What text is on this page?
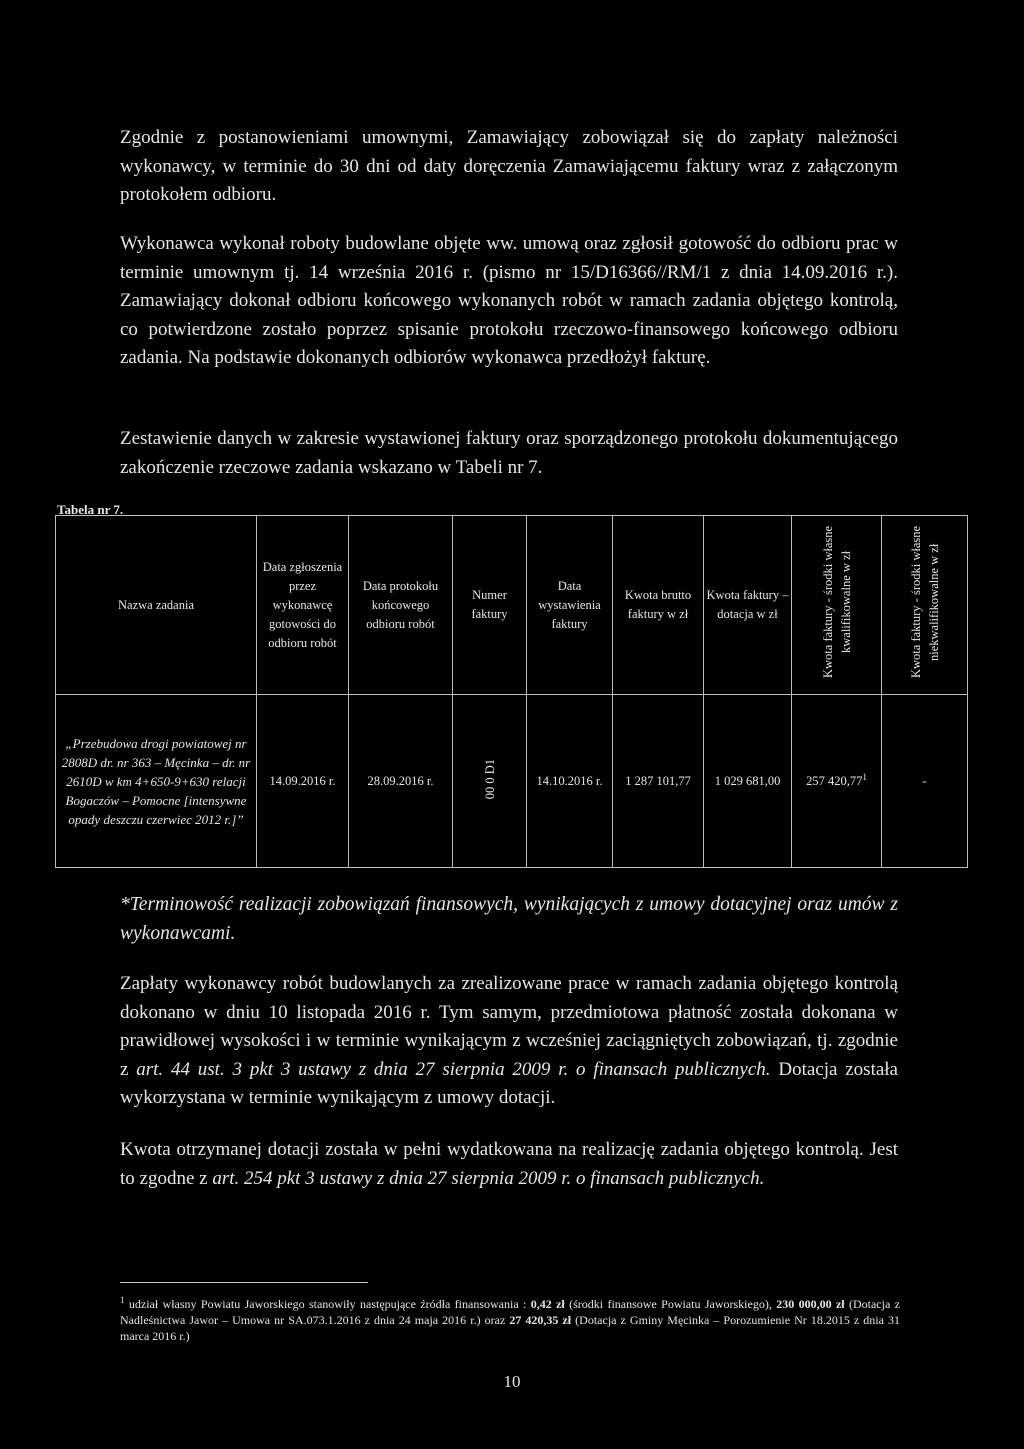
Zgodnie z postanowieniami umownymi, Zamawiający zobowiązał się do zapłaty należności wykonawcy, w terminie do 30 dni od daty doręczenia Zamawiającemu faktury wraz z załączonym protokołem odbioru.

Wykonawca wykonał roboty budowlane objęte ww. umową oraz zgłosił gotowość do odbioru prac w terminie umownym tj. 14 września 2016 r. (pismo nr 15/D16366//RM/1 z dnia 14.09.2016 r.). Zamawiający dokonał odbioru końcowego wykonanych robót w ramach zadania objętego kontrolą, co potwierdzone zostało poprzez spisanie protokołu rzeczowo-finansowego końcowego odbioru zadania. Na podstawie dokonanych odbiorów wykonawca przedłożył fakturę.

Zestawienie danych w zakresie wystawionej faktury oraz sporządzonego protokołu dokumentującego zakończenie rzeczowe zadania wskazano w Tabeli nr 7.

Tabela nr 7.
Nazwa zadania	Data zgłoszenia przez wykonawcę gotowości do odbioru robót	Data protokołu końcowego odbioru robót	Numer faktury	Data wystawienia faktury	Kwota brutto faktury w zł	Kwota faktury – dotacja w zł	Kwota faktury - środki własne kwalifikowalne w zł	Kwota faktury - środki własne niekwalifikowalne w zł
„Przebudowa drogi powiatowej nr 2808D dr. nr 363 – Męcinka – dr. nr 2610D w km 4+650-9+630 relacji Bogaczów – Pomocne [intensywne opady deszczu czerwiec 2012 r.]”	14.09.2016 r.	28.09.2016 r.	00 0 D1	14.10.2016 r.	1 287 101,77	1 029 681,00	257 420,77$^1$	-

*Terminowość realizacji zobowiązań finansowych, wynikających z umowy dotacyjnej oraz umów z wykonawcami.

Zapłaty wykonawcy robót budowlanych za zrealizowane prace w ramach zadania objętego kontrolą dokonano w dniu 10 listopada 2016 r. Tym samym, przedmiotowa płatność została dokonana w prawidłowej wysokości i w terminie wynikającym z wcześniej zaciągniętych zobowiązań, tj. zgodnie z art. 44 ust. 3 pkt 3 ustawy z dnia 27 sierpnia 2009 r. o finansach publicznych. Dotacja została wykorzystana w terminie wynikającym z umowy dotacji.

Kwota otrzymanej dotacji została w pełni wydatkowana na realizację zadania objętego kontrolą. Jest to zgodne z art. 254 pkt 3 ustawy z dnia 27 sierpnia 2009 r. o finansach publicznych.

$^1$ udział własny Powiatu Jaworskiego stanowiły następujące źródła finansowania : 0,42 zł (środki finansowe Powiatu Jaworskiego), 230 000,00 zł (Dotacja z Nadleśnictwa Jawor – Umowa nr SA.073.1.2016 z dnia 24 maja 2016 r.) oraz 27 420,35 zł (Dotacja z Gminy Męcinka – Porozumienie Nr 18.2015 z dnia 31 marca 2016 r.)
10
